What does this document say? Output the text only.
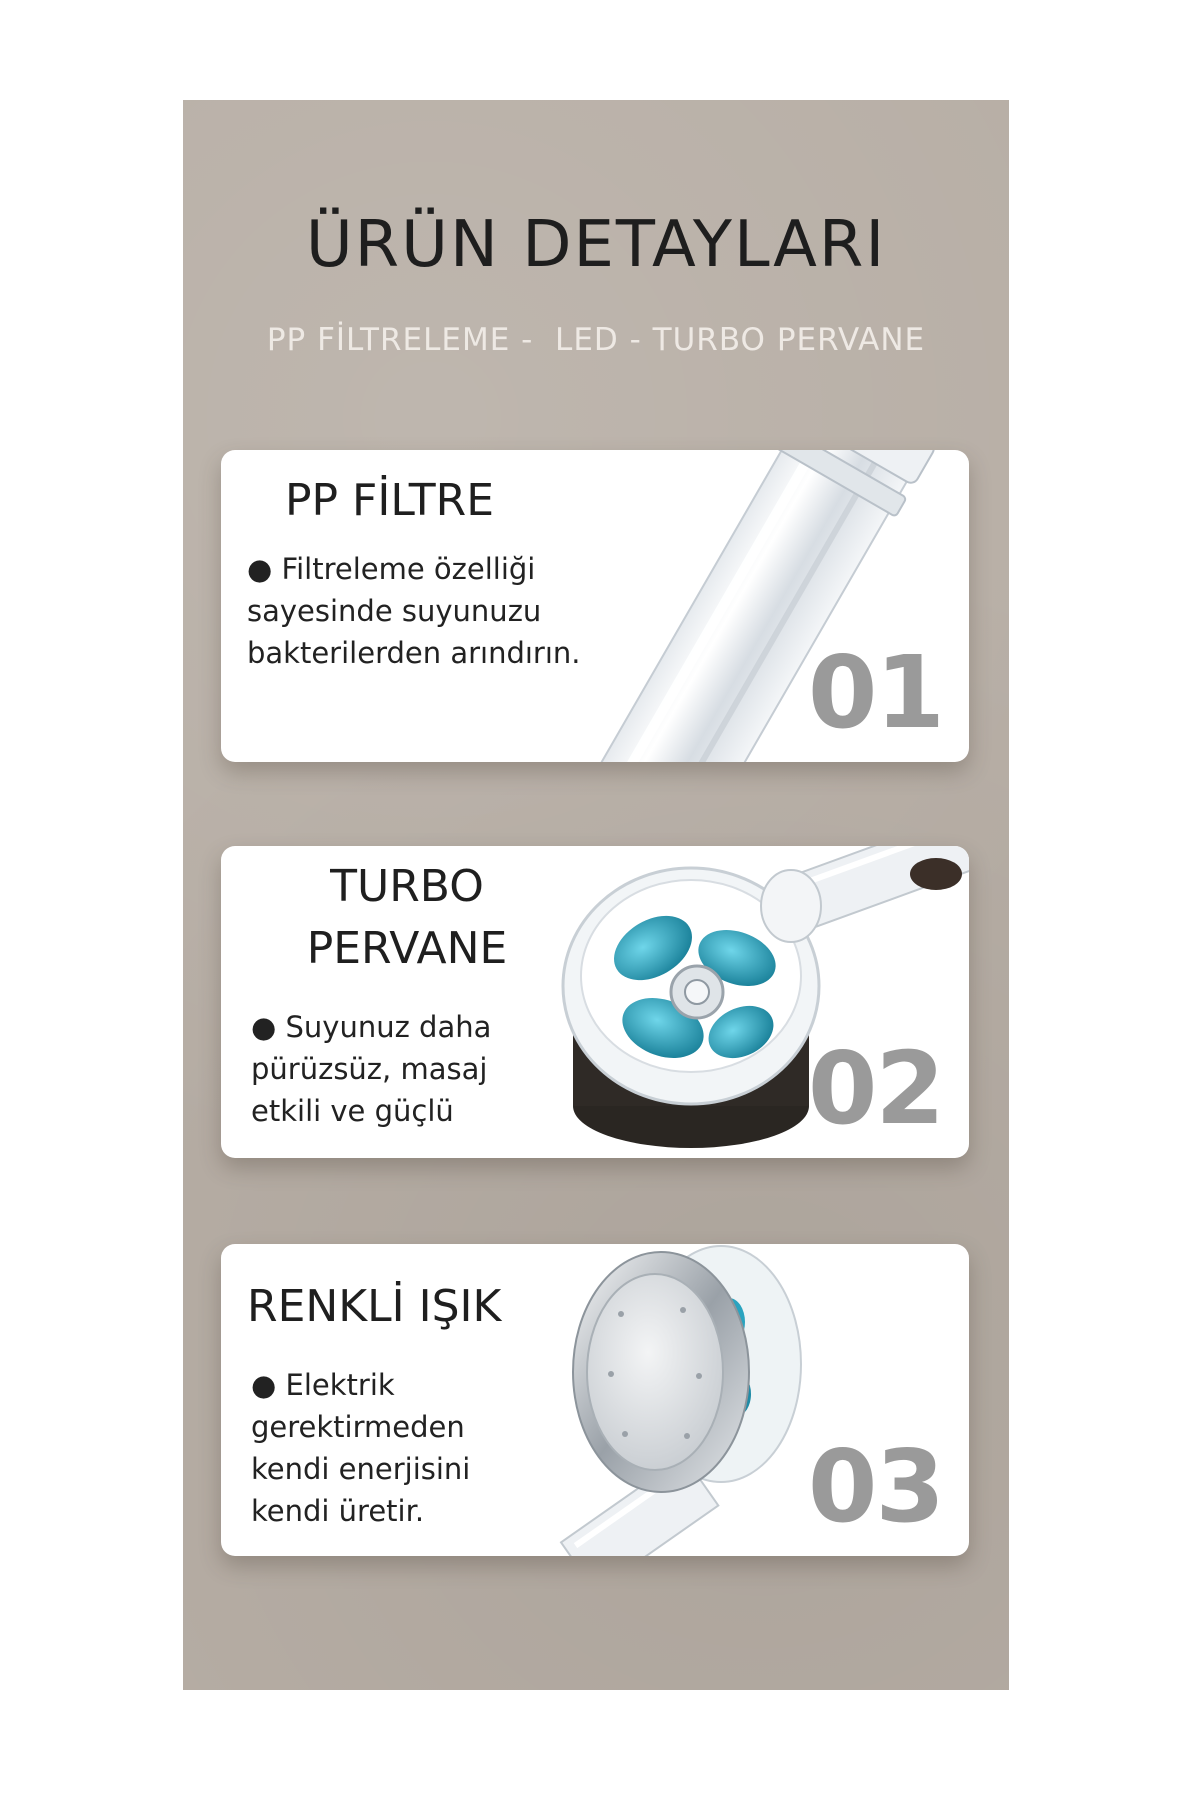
ÜRÜN DETAYLARI
PP FİLTRELEME -  LED - TURBO PERVANE
PP FİLTRE

● Filtreleme özelliği
sayesinde suyunuzu
bakterilerden arındırın.	01
TURBO
PERVANE

● Suyunuz daha
pürüzsüz, masaj
etkili ve güçlü	02
RENKLİ IŞIK

● Elektrik
gerektirmeden
kendi enerjisini
kendi üretir.	03
